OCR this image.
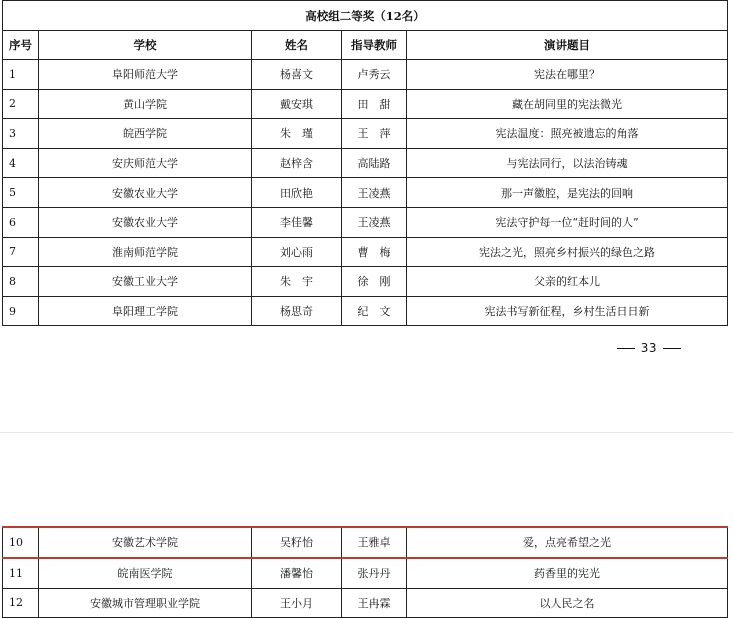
高校组二等奖（12名）				
序号	学校	姓名	指导教师	演讲题目
1	阜阳师范大学	杨喜文	卢秀云	宪法在哪里？
2	黄山学院	戴安琪	田　甜	藏在胡同里的宪法微光
3	皖西学院	朱　瑾	王　萍	宪法温度：照亮被遗忘的角落
4	安庆师范大学	赵梓含	高陆路	与宪法同行，以法治铸魂
5	安徽农业大学	田欣艳	王凌燕	那一声徽腔，是宪法的回响
6	安徽农业大学	李佳馨	王凌燕	宪法守护每一位“赶时间的人”
7	淮南师范学院	刘心雨	曹　梅	宪法之光，照亮乡村振兴的绿色之路
8	安徽工业大学	朱　宇	徐　刚	父亲的红本儿
9	阜阳理工学院	杨思奇	纪　文	宪法书写新征程，乡村生活日日新
33
10	安徽艺术学院	吴籽怡	王雅卓	爱，点亮希望之光
11	皖南医学院	潘馨怡	张丹丹	药香里的宪光
12	安徽城市管理职业学院	王小月	王冉霖	以人民之名
